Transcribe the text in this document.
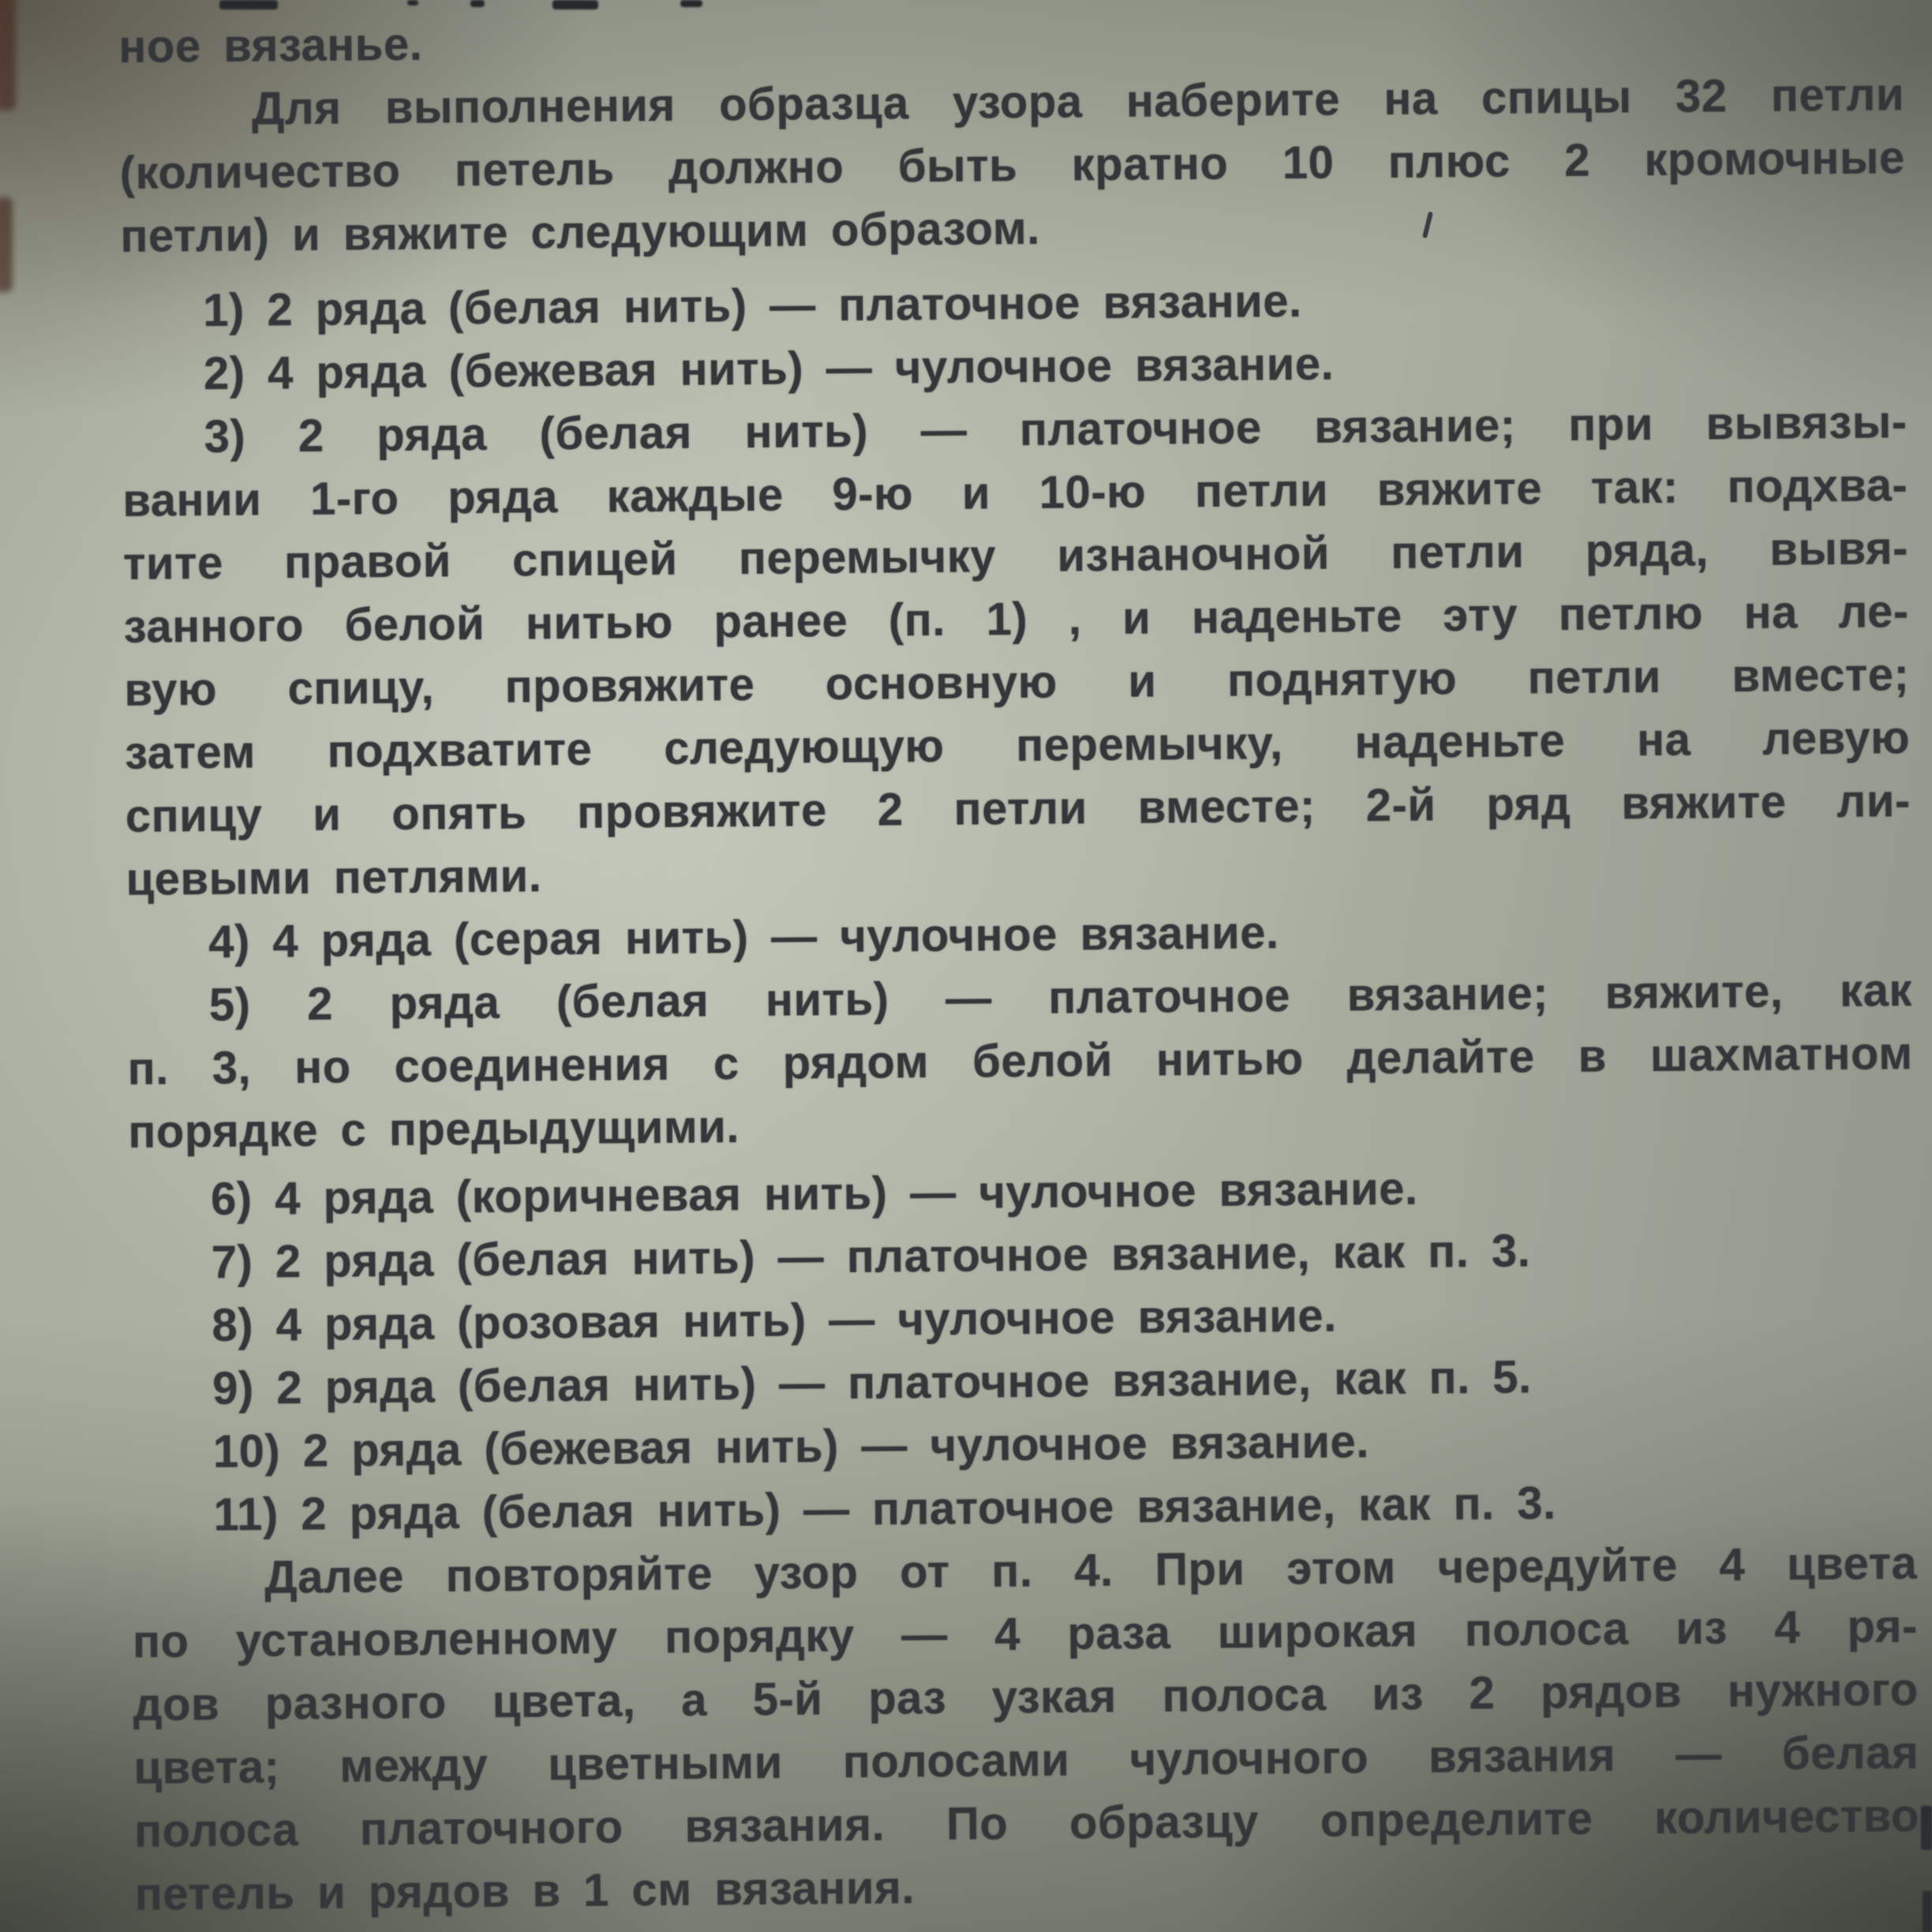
ное вязанье.
Для выполнения образца узора наберите на спицы 32 петли
(количество петель должно быть кратно 10 плюс 2 кромочные
петли) и вяжите следующим образом.
1) 2 ряда (белая нить) — платочное вязание.
2) 4 ряда (бежевая нить) — чулочное вязание.
3) 2 ряда (белая нить) — платочное вязание; при вывязы-
вании 1-го ряда каждые 9-ю и 10-ю петли вяжите так: подхва-
тите правой спицей перемычку изнаночной петли ряда, вывя-
занного белой нитью ранее (п. 1) , и наденьте эту петлю на ле-
вую спицу, провяжите основную и поднятую петли вместе;
затем подхватите следующую перемычку, наденьте на левую
спицу и опять провяжите 2 петли вместе; 2-й ряд вяжите ли-
цевыми петлями.
4) 4 ряда (серая нить) — чулочное вязание.
5) 2 ряда (белая нить) — платочное вязание; вяжите, как
п. 3, но соединения с рядом белой нитью делайте в шахматном
порядке с предыдущими.
6) 4 ряда (коричневая нить) — чулочное вязание.
7) 2 ряда (белая нить) — платочное вязание, как п. 3.
8) 4 ряда (розовая нить) — чулочное вязание.
9) 2 ряда (белая нить) — платочное вязание, как п. 5.
10) 2 ряда (бежевая нить) — чулочное вязание.
11) 2 ряда (белая нить) — платочное вязание, как п. 3.
Далее повторяйте узор от п. 4. При этом чередуйте 4 цвета
по установленному порядку — 4 раза широкая полоса из 4 ря-
дов разного цвета, а 5-й раз узкая полоса из 2 рядов нужного
цвета; между цветными полосами чулочного вязания — белая
полоса платочного вязания. По образцу определите количество
петель и рядов в 1 см вязания.
